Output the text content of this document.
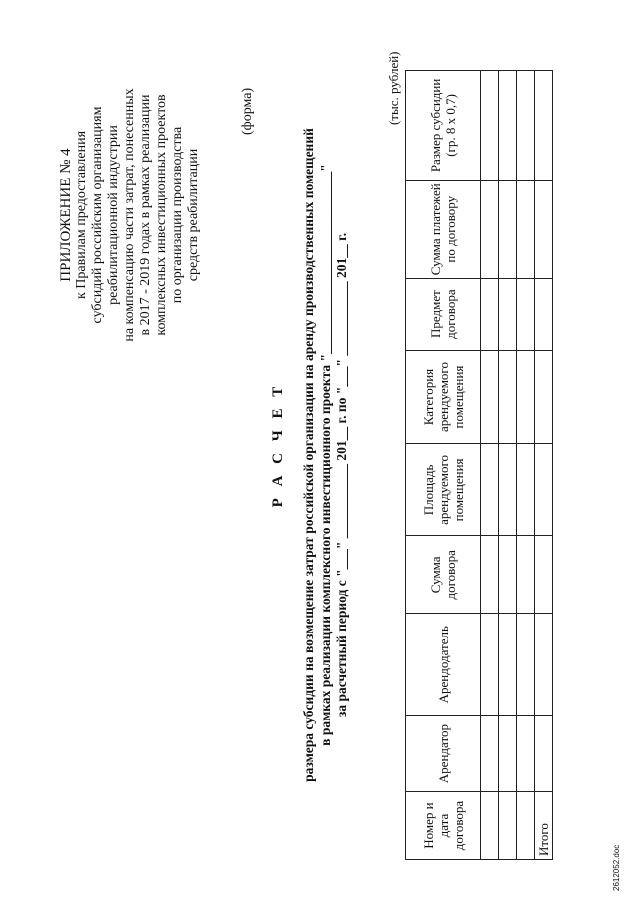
ПРИЛОЖЕНИЕ № 4 к Правилам предоставления субсидий российским организациям реабилитационной индустрии на компенсацию части затрат, понесенных в 2017 - 2019 годах в рамках реализации комплексных инвестиционных проектов по организации производства средств реабилитации
(форма)
Р А С Ч Е Т размера субсидии на возмещение затрат российской организации на аренду производственных помещений в рамках реализации комплексного инвестиционного проекта "___________________________" за расчетный период с "___" ___________ 201__ г. по "___" ___________ 201__ г.
(тыс. рублей)
Номер и дата договора	Арендатор	Арендодатель	Сумма договора	Площадь арендуемого помещения	Категория арендуемого помещения	Предмет договора	Сумма платежей по договору	Размер субсидии (гр. 8 x 0,7)

Итого								
2612052.doc
